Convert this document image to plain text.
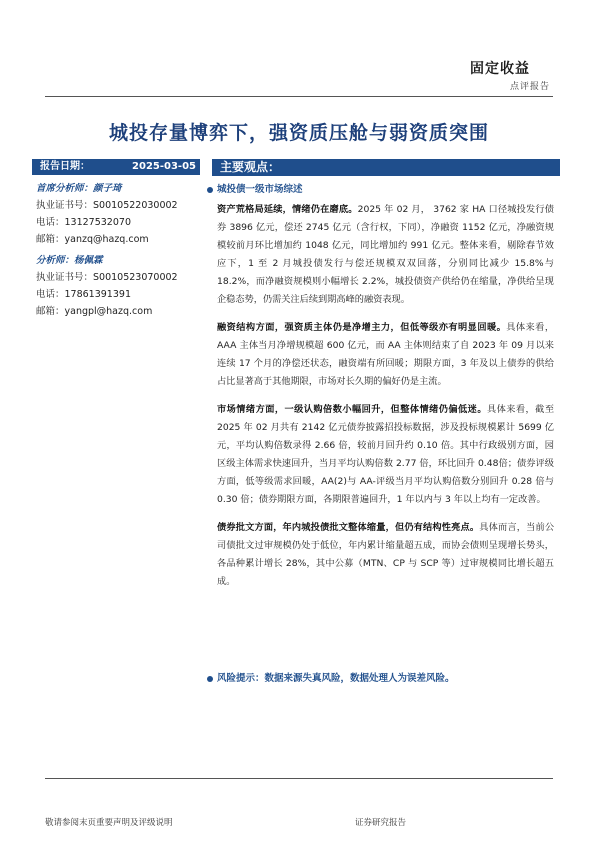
固定收益
点评报告
城投存量博弈下，强资质压舱与弱资质突围
报告日期：	2025-03-05
首席分析师：颜子琦
执业证书号：S0010522030002
电话：13127532070
邮箱：yanzq@hazq.com
分析师：杨佩霖
执业证书号：S0010523070002
电话：17861391391
邮箱：yangpl@hazq.com
主要观点：
城投债一级市场综述

资产荒格局延续，情绪仍在磨底。2025 年 02 月， 3762 家 HA 口径城投发行债券 3896 亿元，偿还 2745 亿元（含行权，下同），净融资 1152 亿元，净融资规模较前月环比增加约 1048 亿元，同比增加约 991 亿元。整体来看，剔除春节效应下，1 至 2 月城投债发行与偿还规模双双回落，分别同比减少 15.8%与 18.2%，而净融资规模则小幅增长 2.2%，城投债资产供给仍在缩量，净供给呈现企稳态势，仍需关注后续到期高峰的融资表现。

融资结构方面，强资质主体仍是净增主力，但低等级亦有明显回暖。具体来看，AAA 主体当月净增规模超 600 亿元，而 AA 主体则结束了自 2023 年 09 月以来连续 17 个月的净偿还状态，融资端有所回暖；期限方面，3 年及以上债券的供给占比显著高于其他期限，市场对长久期的偏好仍是主流。

市场情绪方面，一级认购倍数小幅回升，但整体情绪仍偏低迷。具体来看，截至 2025 年 02 月共有 2142 亿元债券披露招投标数据，涉及投标规模累计 5699 亿元，平均认购倍数录得 2.66 倍，较前月回升约 0.10 倍。其中行政级别方面，园区级主体需求快速回升，当月平均认购倍数 2.77 倍，环比回升 0.48倍；债券评级方面，低等级需求回暖，AA(2)与 AA-评级当月平均认购倍数分别回升 0.28 倍与 0.30 倍；债券期限方面，各期限普遍回升，1 年以内与 3 年以上均有一定改善。

债券批文方面，年内城投债批文整体缩量，但仍有结构性亮点。具体而言，当前公司债批文过审规模仍处于低位，年内累计缩量超五成，而协会债则呈现增长势头，各品种累计增长 28%，其中公募（MTN、CP 与 SCP 等）过审规模同比增长超五成。

风险提示：数据来源失真风险，数据处理人为误差风险。
敬请参阅末页重要声明及评级说明	证券研究报告
